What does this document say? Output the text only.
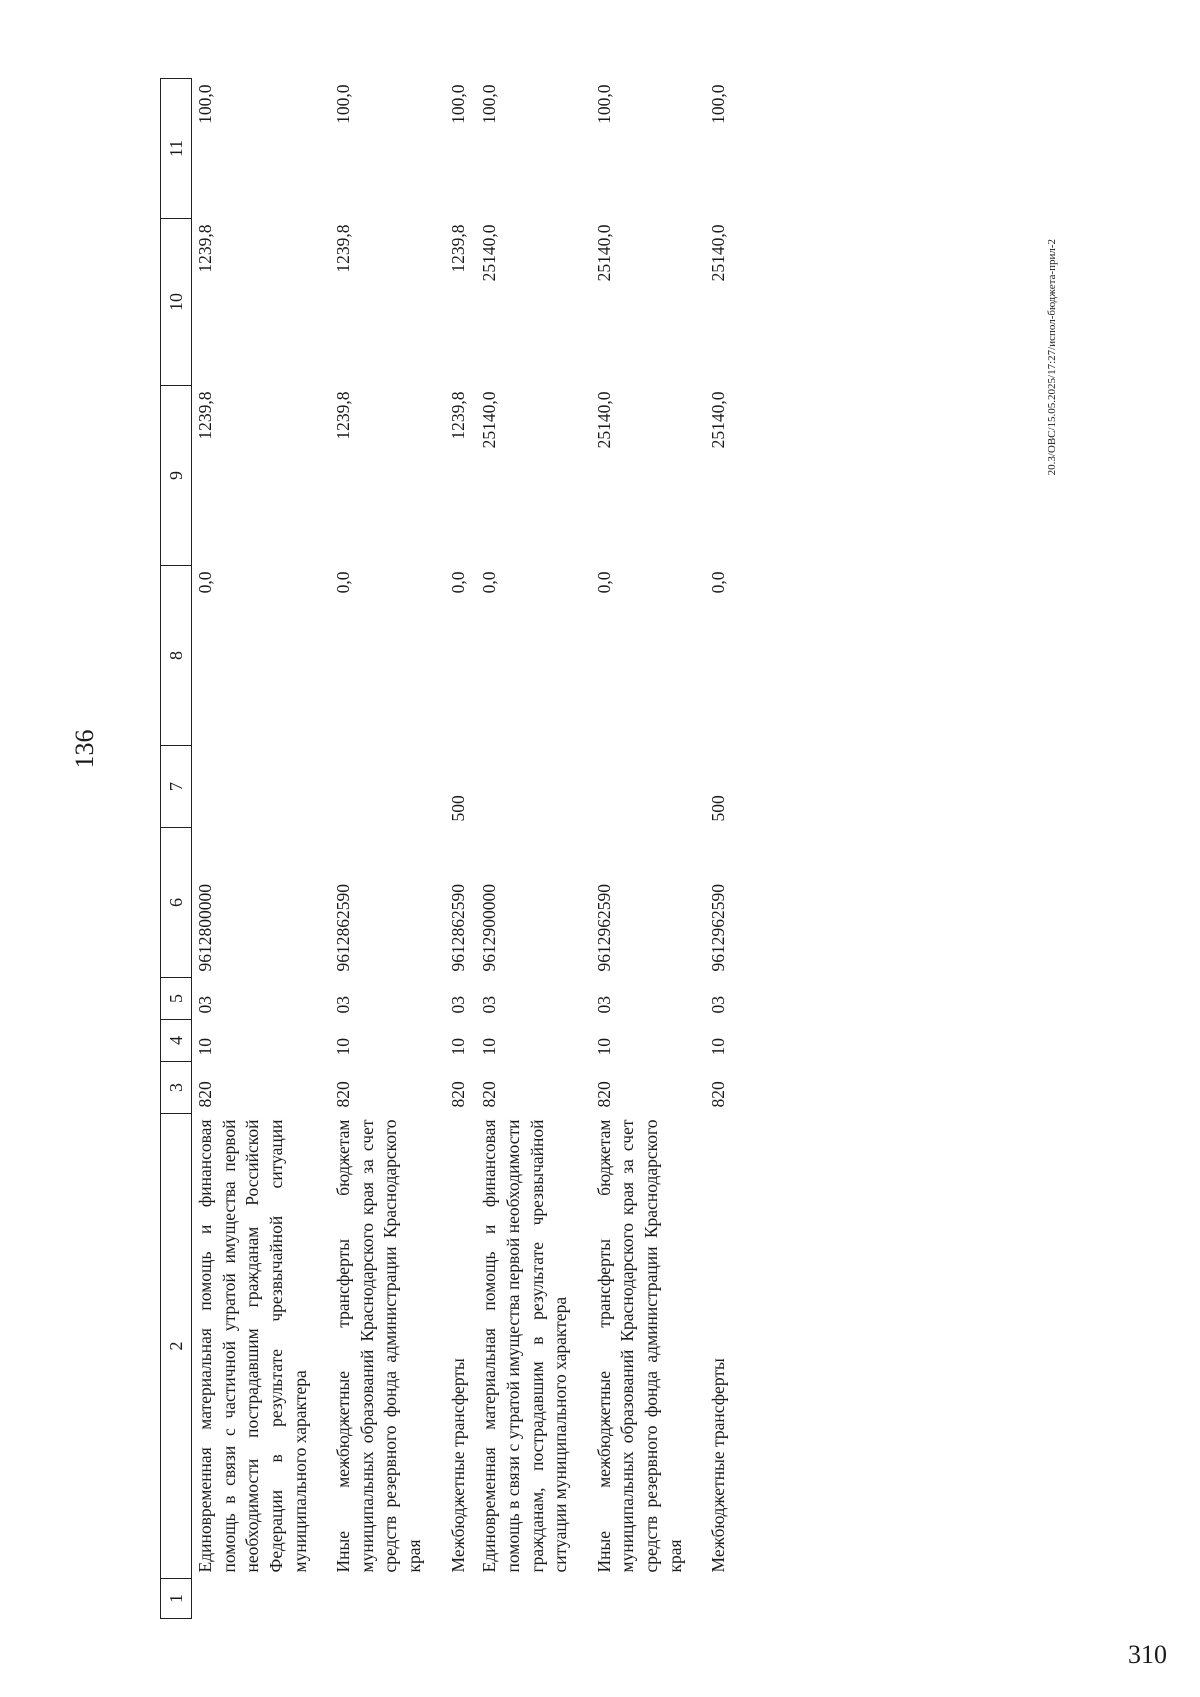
136
1	2	3	4	5	6	7	8	9	10	11
	Единовременная материальная помощь и финансовая помощь в связи с частичной утратой имущества первой необходимости пострадавшим гражданам Российской Федерации в результате чрезвычайной ситуации муниципального характера	820	10	03	9612800000		0,0	1239,8	1239,8	100,0
	Иные межбюджетные трансферты бюджетам муниципальных образований Краснодарского края за счет средств резервного фонда администрации Краснодарского края	820	10	03	9612862590		0,0	1239,8	1239,8	100,0
	Межбюджетные трансферты	820	10	03	9612862590	500	0,0	1239,8	1239,8	100,0
	Единовременная материальная помощь и финансовая помощь в связи с утратой имущества первой необходимости гражданам, пострадавшим в результате чрезвычайной ситуации муниципального характера	820	10	03	9612900000		0,0	25140,0	25140,0	100,0
	Иные межбюджетные трансферты бюджетам муниципальных образований Краснодарского края за счет средств резервного фонда администрации Краснодарского края	820	10	03	9612962590		0,0	25140,0	25140,0	100,0
	Межбюджетные трансферты	820	10	03	9612962590	500	0,0	25140,0	25140,0	100,0
20.3/ОВС/15.05.2025/17:27/испол-бюджета-прил-2
310
